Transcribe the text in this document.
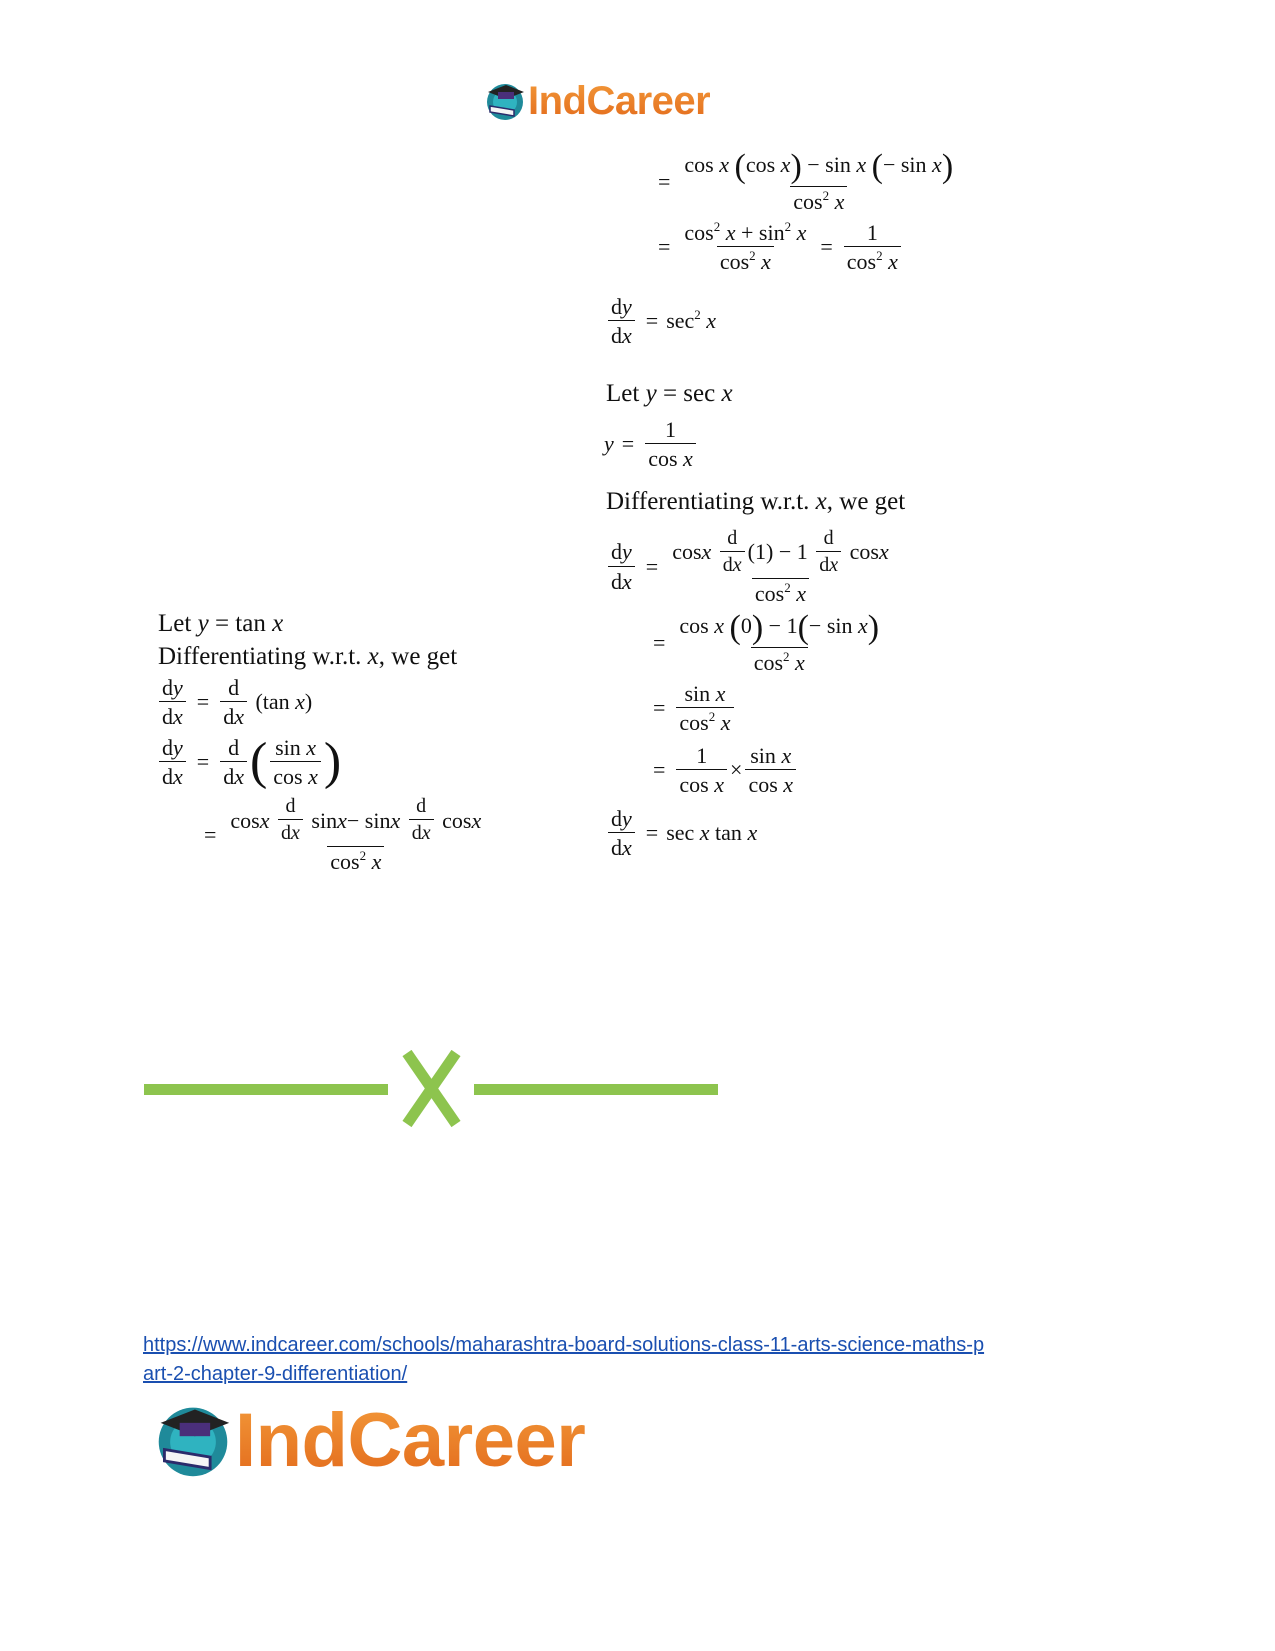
IndCareer
= $\frac{\text{cos x (cos x) − sin x (− sin x)}}{\cos^2 x}$
= $\frac{\cos^2 x + \sin^2 x}{\cos^2 x} = \frac{1}{\cos^2 x}$
$\frac{dy}{dx} = \sec^2 x$
Let y = sec x
$y = \frac{1}{\text{cos x}}$
Differentiating w.r.t. x, we get
$\frac{dy}{dx} = \cos x$
$\frac{d}{dx} (1) - 1 \frac{d}{dx}$ cos x
$\cos^2 x$
= $\frac{\text{cos x (0) − 1(− sin x)}}{\cos^2 x}$
= $\frac{\text{sin x}}{\cos^2 x}$
= $\frac{1}{\text{cos x}} \times \frac{\text{sin x}}{\text{cos x}}$
$\frac{dy}{dx} = \sec x$ tan x
Let y = tan x
Differentiating w.r.t. x, we get
$\frac{dy}{dx} = \frac{d}{dx} (\tan$ x)
$\frac{dy}{dx} = \frac{d}{dx}$ ( $\frac{\text{sin x}}{\text{cos x}}$ )
= cos x
$\frac{d}{dx}$ sin x − sin x
$\frac{d}{dx}$ cos x
$\cos^2 x$
https://www.indcareer.com/schools/maharashtra-board-solutions-class-11-arts-science-maths-p
art-2-chapter-9-differentiation/
IndCareer
